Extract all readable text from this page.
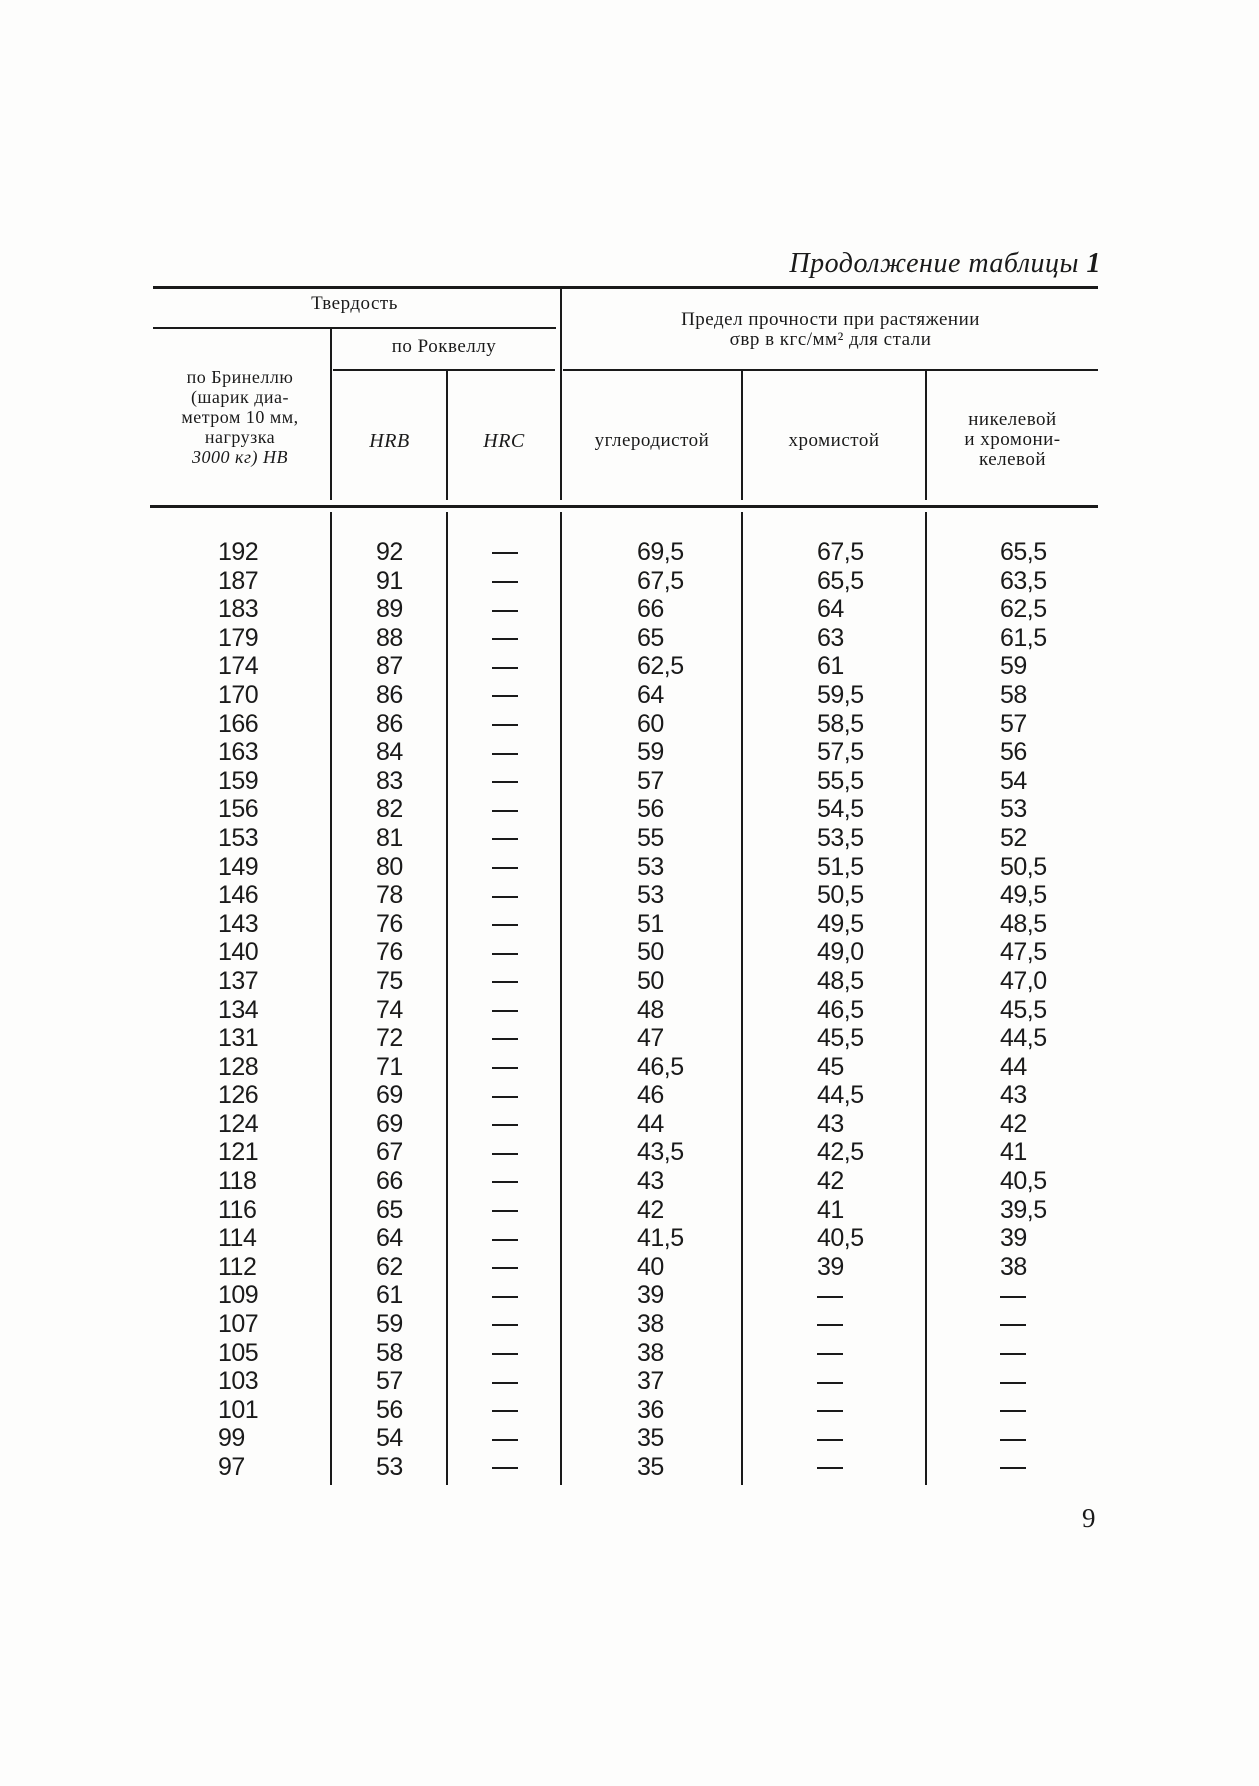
Продолжение таблицы 1
Твердость
по Роквеллу
по Бринеллю
(шарик диа-
метром 10 мм,
нагрузка
3000 кг) HB
HRB	HRC
Предел прочности при растяжении
σвр в кгс/мм² для стали
углеродистой	хромистой
никелевой
и хромони-
келевой
192
187
183
179
174
170
166
163
159
156
153
149
146
143
140
137
134
131
128
126
124
121
118
116
114
112
109
107
105
103
101
99
97
92
91
89
88
87
86
86
84
83
82
81
80
78
76
76
75
74
72
71
69
69
67
66
65
64
62
61
59
58
57
56
54
53
69,5
67,5
66
65
62,5
64
60
59
57
56
55
53
53
51
50
50
48
47
46,5
46
44
43,5
43
42
41,5
40
39
38
38
37
36
35
35
67,5
65,5
64
63
61
59,5
58,5
57,5
55,5
54,5
53,5
51,5
50,5
49,5
49,0
48,5
46,5
45,5
45
44,5
43
42,5
42
41
40,5
39
65,5
63,5
62,5
61,5
59
58
57
56
54
53
52
50,5
49,5
48,5
47,5
47,0
45,5
44,5
44
43
42
41
40,5
39,5
39
38
9
